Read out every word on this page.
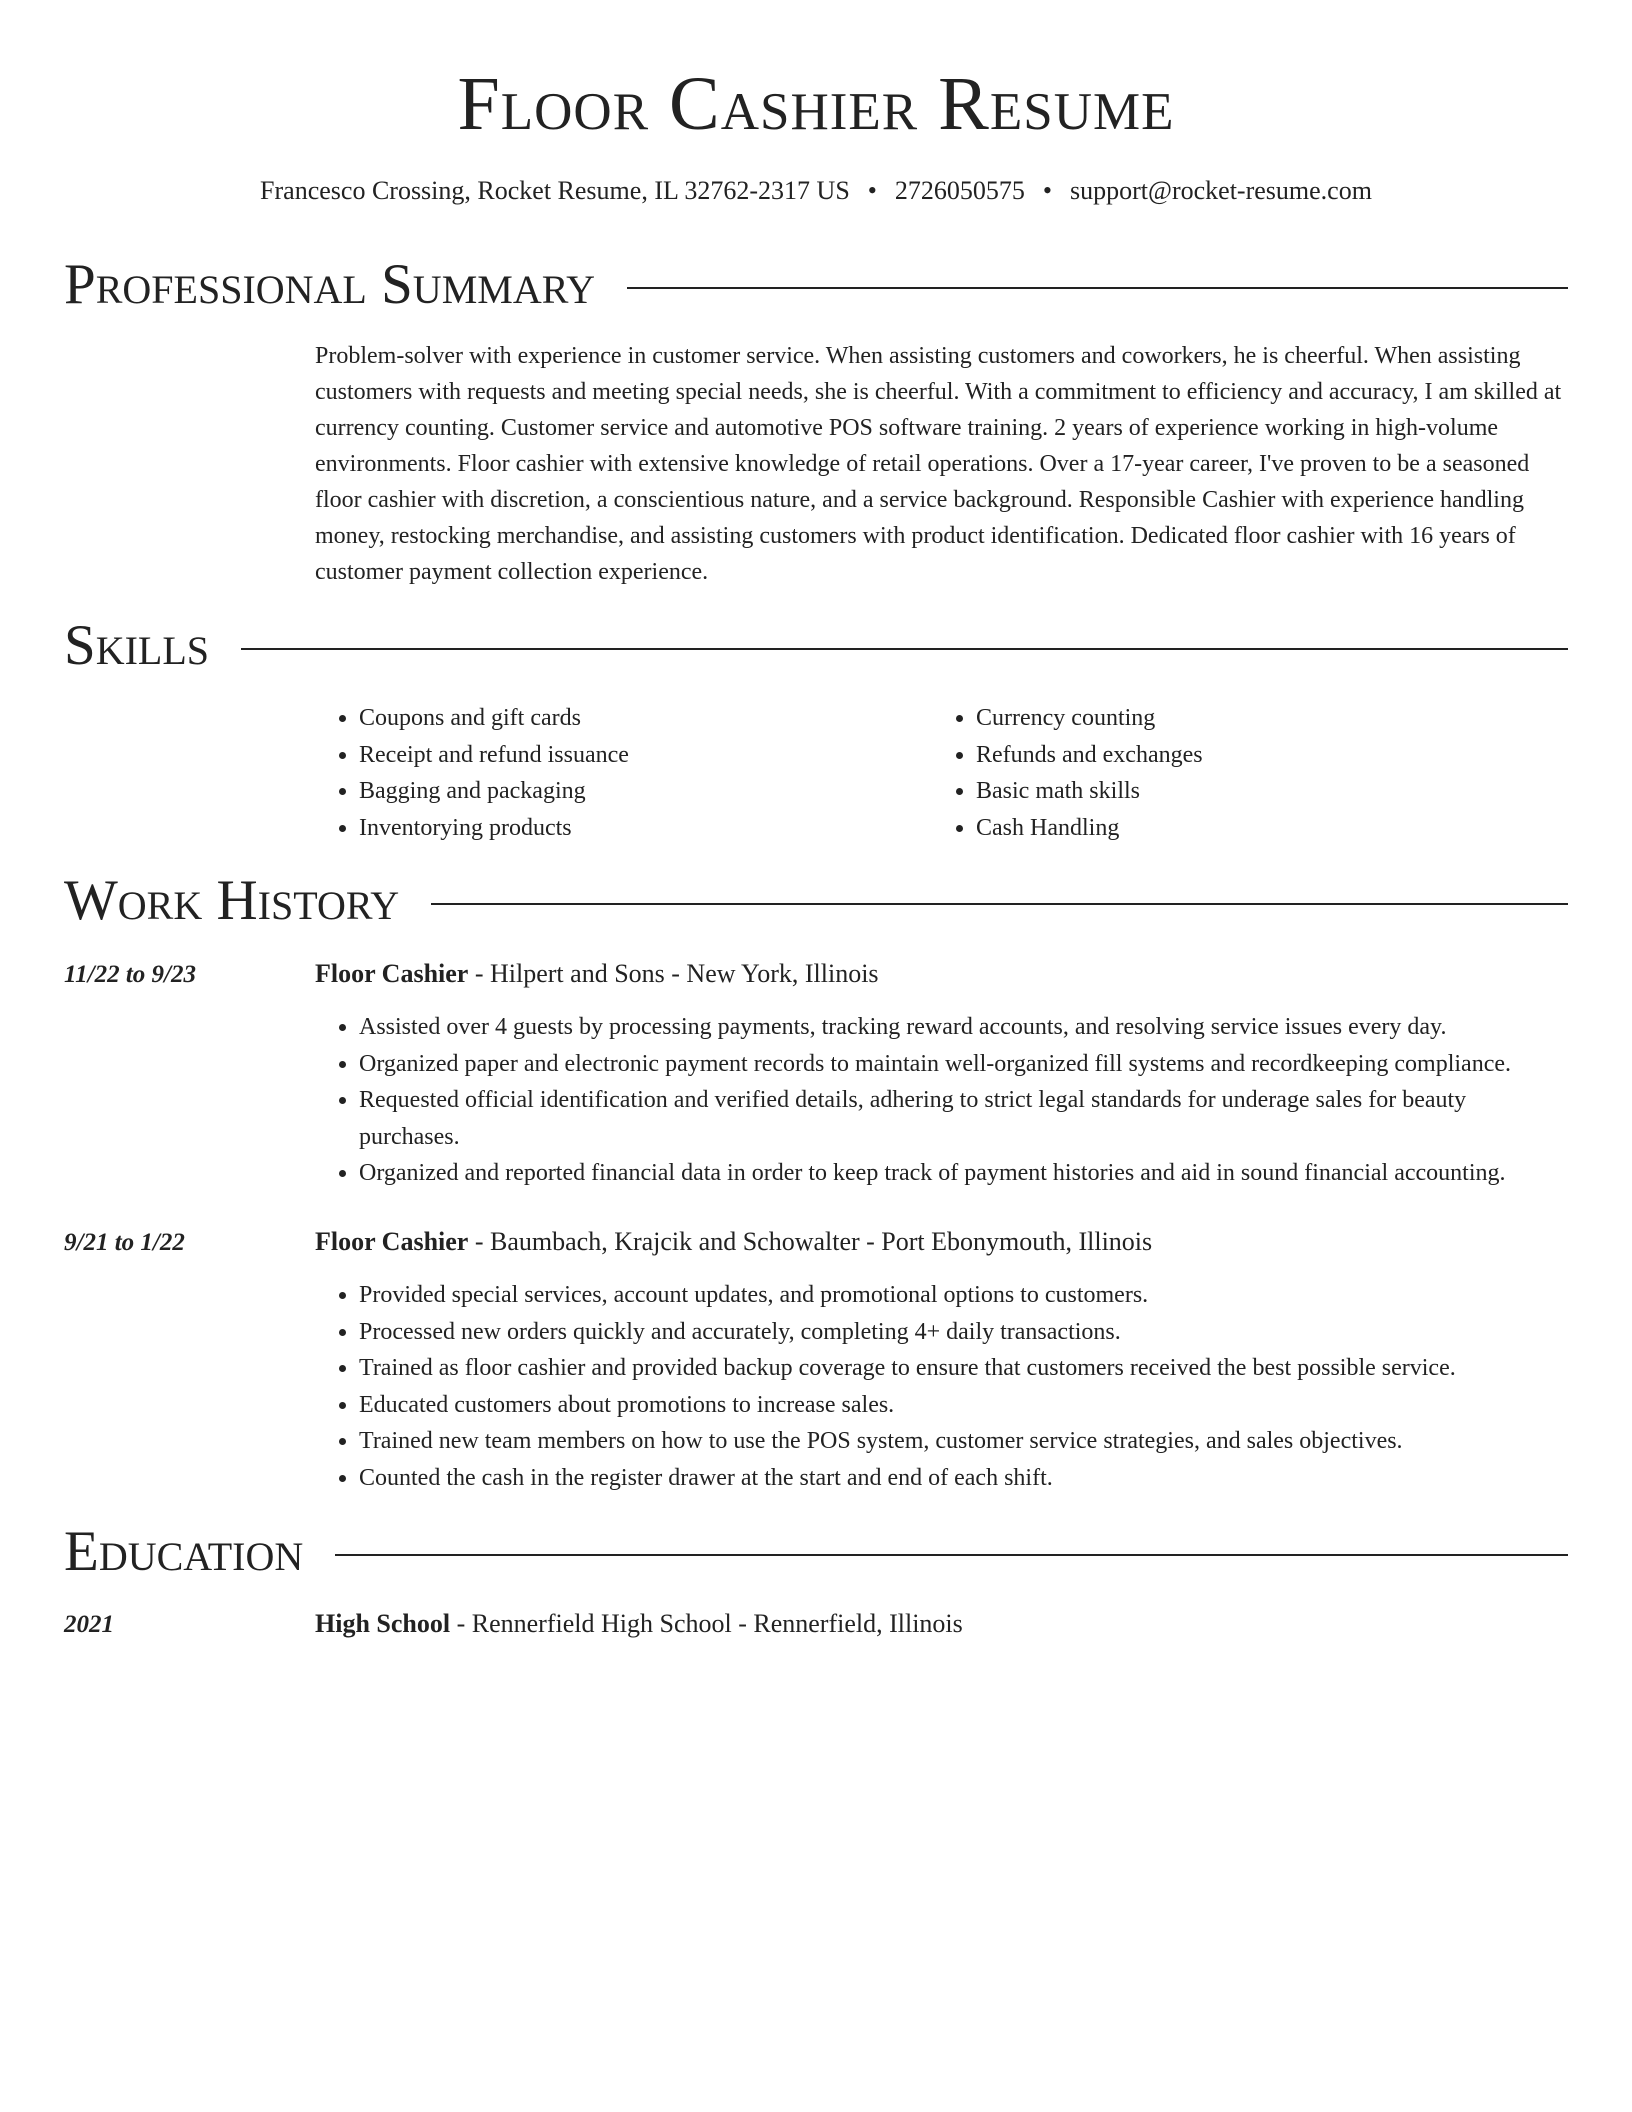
Floor Cashier Resume
Francesco Crossing, Rocket Resume, IL 32762-2317 US • 2726050575 • support@rocket-resume.com
Professional Summary

Problem-solver with experience in customer service. When assisting customers and coworkers, he is cheerful. When assisting customers with requests and meeting special needs, she is cheerful. With a commitment to efficiency and accuracy, I am skilled at currency counting. Customer service and automotive POS software training. 2 years of experience working in high-volume environments. Floor cashier with extensive knowledge of retail operations. Over a 17-year career, I've proven to be a seasoned floor cashier with discretion, a conscientious nature, and a service background. Responsible Cashier with experience handling money, restocking merchandise, and assisting customers with product identification. Dedicated floor cashier with 16 years of customer payment collection experience.

Skills
• Coupons and gift cards
• Receipt and refund issuance
• Bagging and packaging
• Inventorying products
• Currency counting
• Refunds and exchanges
• Basic math skills
• Cash Handling
Work History
11/22 to 9/23	Floor Cashier - Hilpert and Sons - New York, Illinois
• Assisted over 4 guests by processing payments, tracking reward accounts, and resolving service issues every day.
• Organized paper and electronic payment records to maintain well-organized fill systems and recordkeeping compliance.
• Requested official identification and verified details, adhering to strict legal standards for underage sales for beauty purchases.
• Organized and reported financial data in order to keep track of payment histories and aid in sound financial accounting.
9/21 to 1/22	Floor Cashier - Baumbach, Krajcik and Schowalter - Port Ebonymouth, Illinois
• Provided special services, account updates, and promotional options to customers.
• Processed new orders quickly and accurately, completing 4+ daily transactions.
• Trained as floor cashier and provided backup coverage to ensure that customers received the best possible service.
• Educated customers about promotions to increase sales.
• Trained new team members on how to use the POS system, customer service strategies, and sales objectives.
• Counted the cash in the register drawer at the start and end of each shift.
Education
2021	High School - Rennerfield High School - Rennerfield, Illinois
